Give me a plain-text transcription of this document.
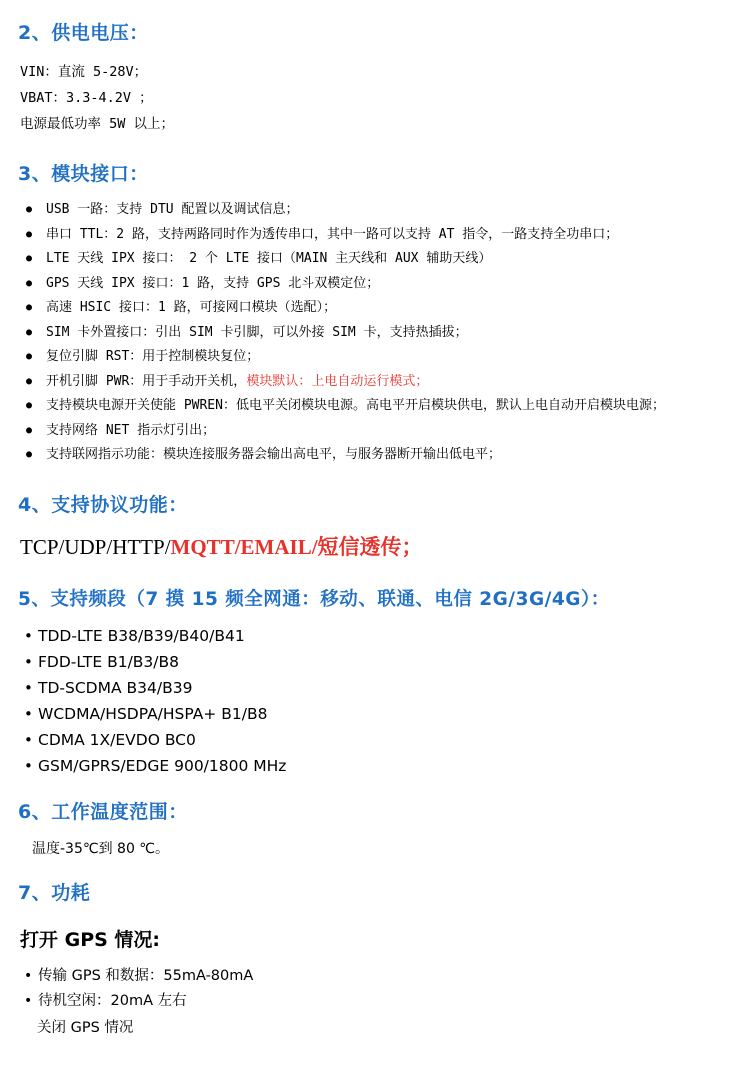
2、供电电压：

VIN：直流 5-28V；

VBAT：3.3-4.2V ；

电源最低功率 5W 以上；

3、模块接口：
● USB 一路：支持 DTU 配置以及调试信息；
● 串口 TTL：2 路，支持两路同时作为透传串口，其中一路可以支持 AT 指令，一路支持全功串口；
● LTE 天线 IPX 接口： 2 个 LTE 接口（MAIN 主天线和 AUX 辅助天线）
● GPS 天线 IPX 接口：1 路，支持 GPS 北斗双模定位；
● 高速 HSIC 接口：1 路，可接网口模块（选配）；
● SIM 卡外置接口：引出 SIM 卡引脚，可以外接 SIM 卡，支持热插拔；
● 复位引脚 RST：用于控制模块复位；
● 开机引脚 PWR：用于手动开关机，模块默认：上电自动运行模式；
● 支持模块电源开关使能 PWREN：低电平关闭模块电源。高电平开启模块供电，默认上电自动开启模块电源；
● 支持网络 NET 指示灯引出；
● 支持联网指示功能：模块连接服务器会输出高电平，与服务器断开输出低电平；
4、支持协议功能：

TCP/UDP/HTTP/MQTT/EMAIL/短信透传；

5、支持频段（7 摸 15 频全网通：移动、联通、电信 2G/3G/4G）：
• TDD-LTE B38/B39/B40/B41
• FDD-LTE B1/B3/B8
• TD-SCDMA B34/B39
• WCDMA/HSDPA/HSPA+ B1/B8
• CDMA 1X/EVDO BC0
• GSM/GPRS/EDGE 900/1800 MHz
6、工作温度范围：

温度-35℃到 80 ℃。

7、功耗

打开 GPS 情况:

• 传输 GPS 和数据：55mA-80mA
• 待机空闲：20mA 左右

关闭 GPS 情况
